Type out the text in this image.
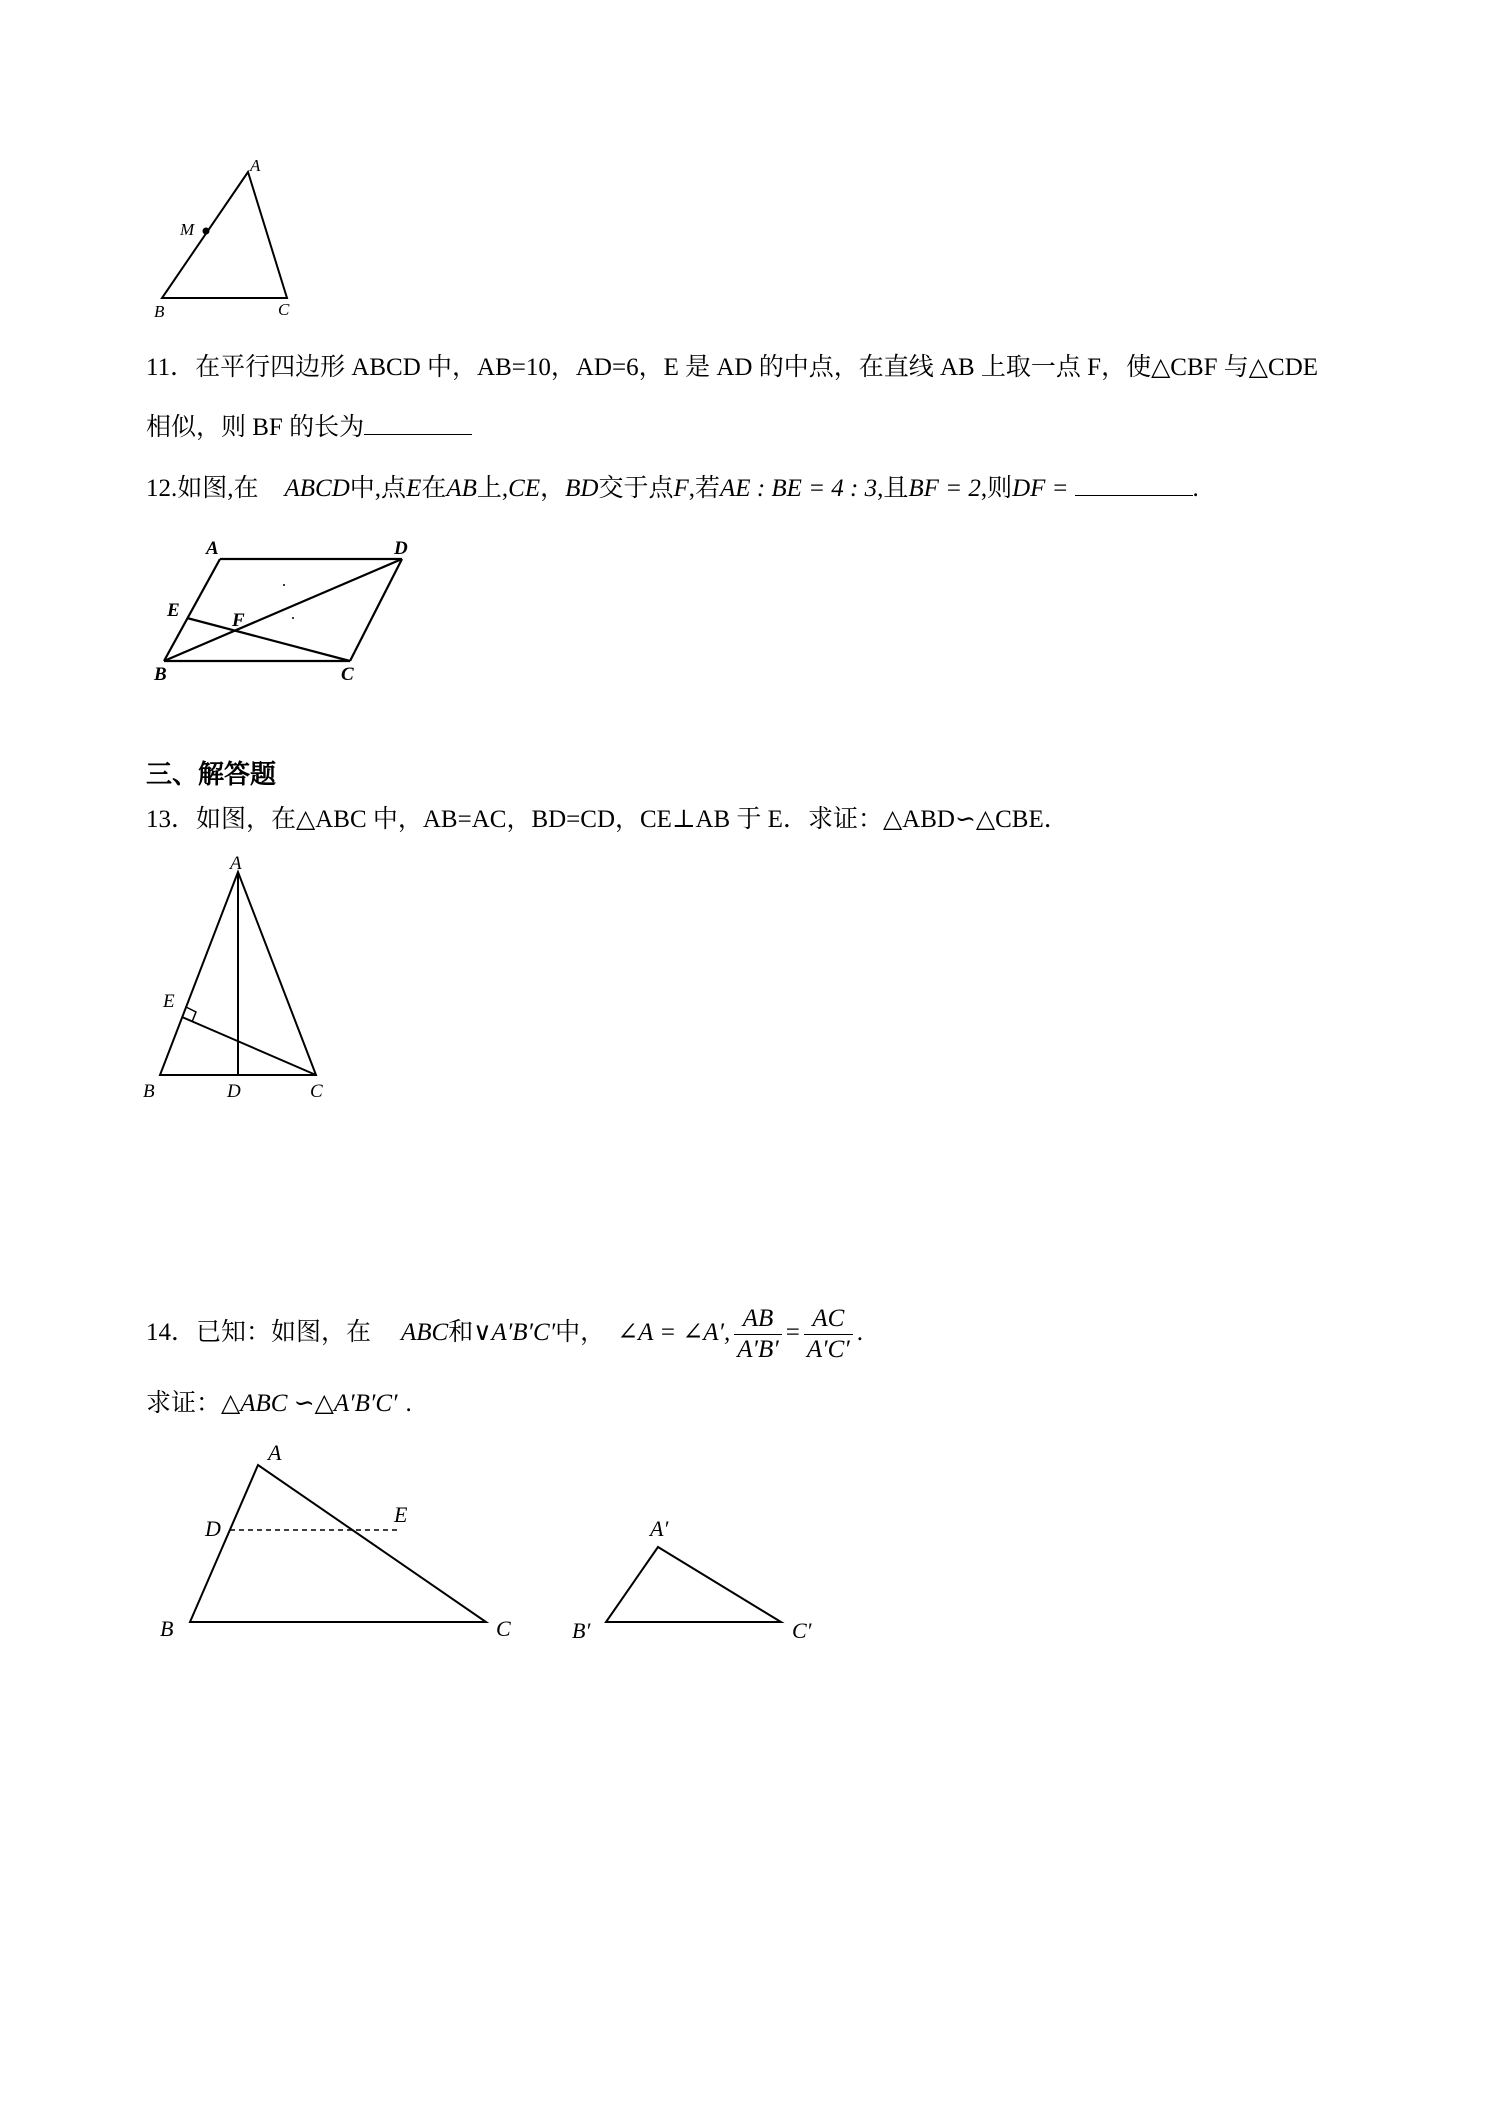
A
M
B	C
11．在平行四边形 ABCD 中，AB=10，AD=6，E 是 AD 的中点，在直线 AB 上取一点 F，使△CBF 与△CDE
相似，则 BF 的长为
12.如图,在 ABCD中,点E在AB上,CE，BD交于点F,若AE : BE = 4 : 3,且BF = 2,则DF =	.
A	D
E	F
B	C
三、解答题
13．如图，在△ABC 中，AB=AC，BD=CD，CE⊥AB 于 E．求证：△ABD∽△CBE．
A
E
B	D	C
14．已知：如图，在 ABC和∨A′B′C′中， ∠A = ∠A′, $\frac{AB}{A'B'} = \frac{AC}{A'C'}$ .
求证：△ABC ∽△A′B′C′ .
A
D
E
B	C
A′
B′	C′
